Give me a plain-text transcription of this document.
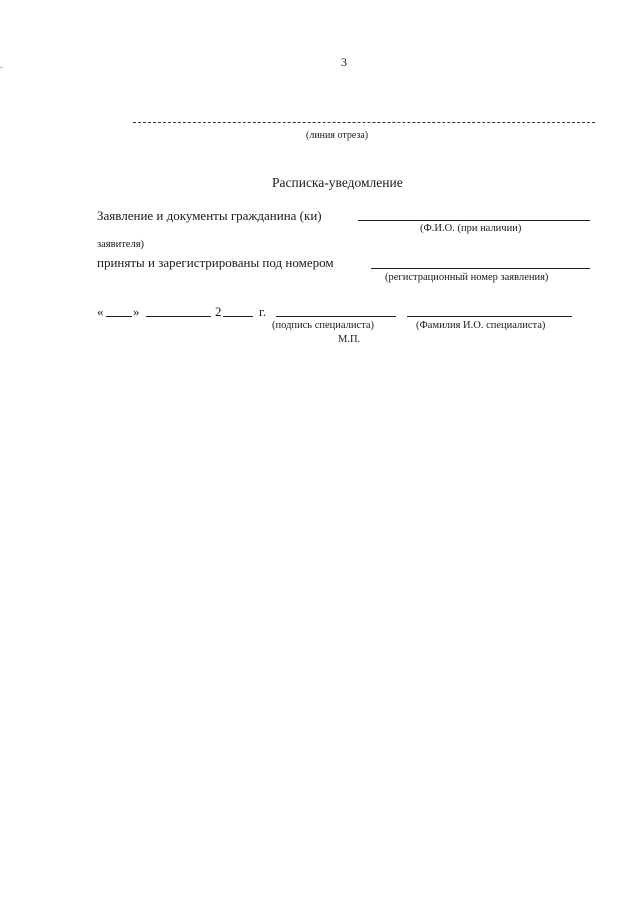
3
-
(линия отреза)
Расписка-уведомление
Заявление и документы гражданина (ки)
(Ф.И.О. (при наличии)
заявителя)
приняты и зарегистрированы под номером
(регистрационный номер заявления)
« »	2	г.
(подпись специалиста)	(Фамилия И.О. специалиста)
М.П.
